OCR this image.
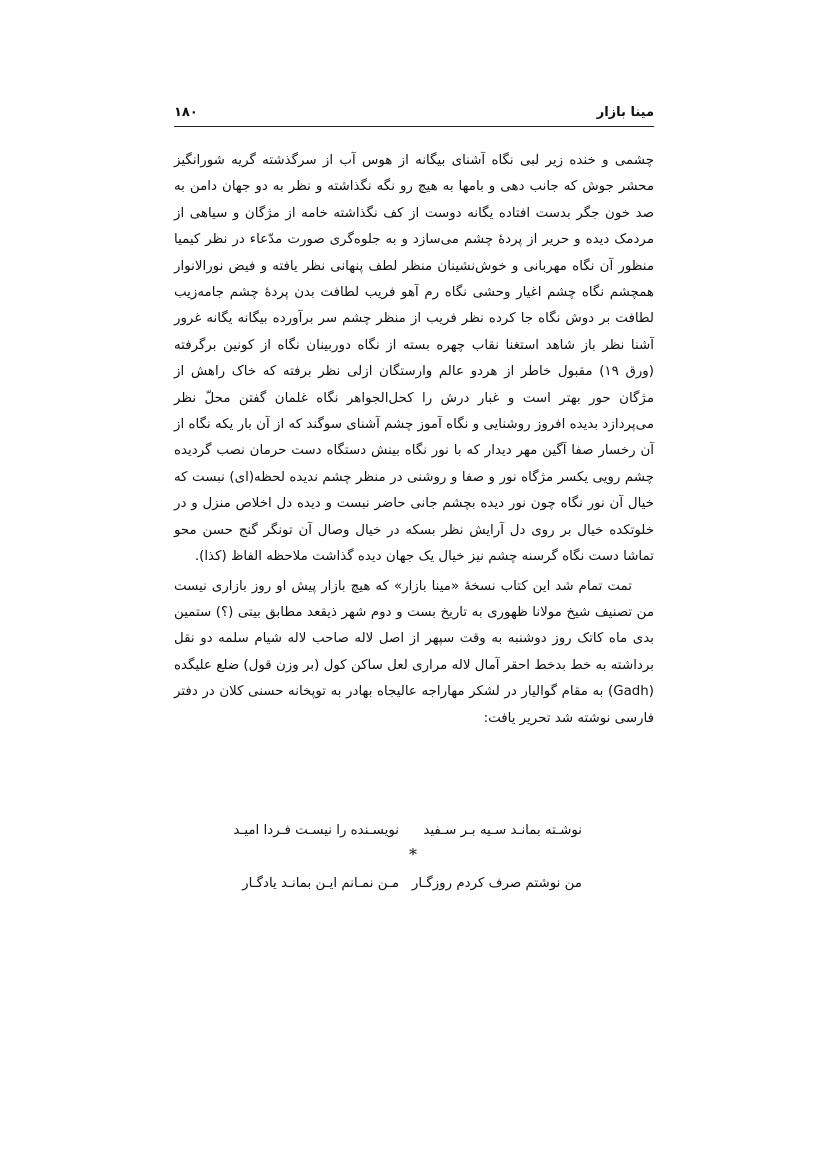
مینا بازار
۱۸۰

چشمی و خنده زیر لبی نگاه آشنای بیگانه از هوس آب از سرگذشته گریه شورانگیز محشر جوش که جانب دهی و بامها به هیچ رو نگه نگذاشته و نظر به دو جهان دامن به صد خون جگر بدست افتاده یگانه دوست از کف نگذاشته خامه از مژگان و سیاهی از مردمک دیده و حریر از پردهٔ چشم می‌سازد و به جلوه‌گری صورت مدّعاء در نظر کیمیا منظور آن نگاه مهربانی و خوش‌نشینان منظر لطف پنهانی نظر یافته و فیض نورالانوار همچشم نگاه چشم اغیار وحشی نگاه رم آهو فریب لطافت بدن پردهٔ چشم جامه‌زیب لطافت بر دوش نگاه جا کرده نظر فریب از منظر چشم سر برآورده بیگانه یگانه غرور آشنا نظر باز شاهد استغنا نقاب چهره بسته از نگاه دوربینان نگاه از کونین برگرفته (ورق ۱۹) مقبول خاطر از هردو عالم وارستگان ازلی نظر برفته که خاک راهش از مژگان حور بهتر است و غبار درش را کحل‌الجواهر نگاه غلمان گفتن محلّ نظر می‌پردازد بدیده افروز روشنایی و نگاه آموز چشم آشنای سوگند که از آن بار یکه نگاه از آن رخسار صفا آگین مهر دیدار که با نور نگاه بینش دستگاه دست حرمان نصب گردیده چشم رویی یکسر مژگاه نور و صفا و روشنی در منظر چشم ندیده لحظه(ای) نبست که خیال آن نور نگاه چون نور دیده بچشم جانی حاضر نبست و دیده دل اخلاص منزل و در خلوتکده خیال بر روی دل آرایش نظر بسکه در خیال وصال آن تونگر گنج حسن محو تماشا دست نگاه گرسنه چشم نیز خیال یک جهان دیده گذاشت ملاحظه الفاظ (کذا).

تمت تمام شد این کتاب نسخهٔ «مینا بازار» که هیچ بازار پیش او روز بازاری نیست من تصنیف شیخ مولانا ظهوری به تاریخ بست و دوم شهر ذیقعد مطابق بیتی (؟) ستمین بدی ماه کاتک روز دوشنبه به وقت سپهر از اصل لاله صاحب لاله شیام سلمه دو نقل برداشته به خط بدخط احقر آمال لاله مراری لعل ساکن کول (بر وزن قول) ضلع علیگده (Gadh) به مقام گوالیار در لشکر مهاراجه عالیجاه بهادر به توپخانه حسنی کلان در دفتر فارسی نوشته شد تحریر یافت:

نوشـته بمانـد سـیه بـر سـفید
نویسـنده را نیسـت فـردا امیـد
*
من نوشتم صرف کردم روزگـار
مـن نمـانم ایـن بمانـد یادگـار
